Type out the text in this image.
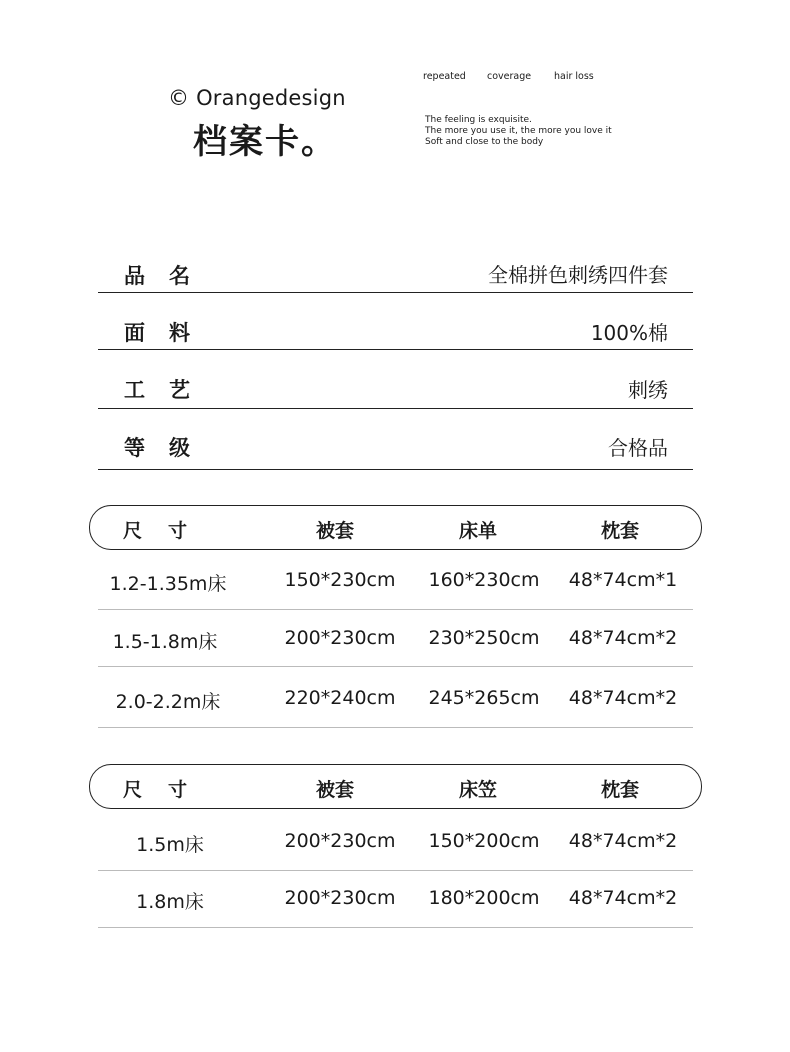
© Orangedesign
档案卡。
repeated	coverage	hair loss
The feeling is exquisite.
The more you use it, the more you love it
Soft and close to the body
品名	全棉拼色刺绣四件套
面料	100%棉
工艺	刺绣
等级	合格品
尺寸	被套	床单	枕套
1.2-1.35m床	150*230cm 160*230cm 48*74cm*1
1.5-1.8m床	200*230cm 230*250cm 48*74cm*2
2.0-2.2m床	220*240cm 245*265cm 48*74cm*2
尺寸	被套	床笠	枕套
1.5m床	200*230cm 150*200cm 48*74cm*2
1.8m床	200*230cm 180*200cm 48*74cm*2
